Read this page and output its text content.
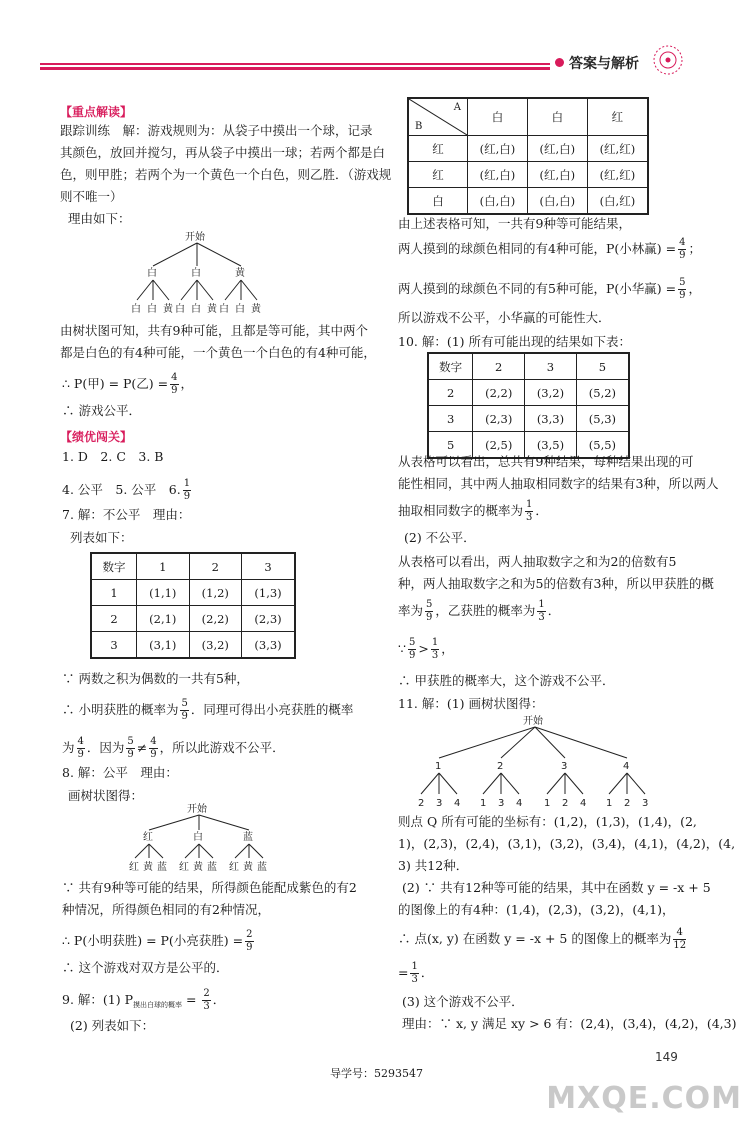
答案与解析
【重点解读】
跟踪训练　解：游戏规则为：从袋子中摸出一个球，记录
其颜色，放回并搅匀，再从袋子中摸出一球；若两个都是白
色，则甲胜；若两个为一个黄色一个白色，则乙胜．（游戏规
则不唯一）
理由如下：
开始
白	白	黄
白 白 黄 白 白 黄 白 白 黄
由树状图可知，共有9种可能，且都是等可能，其中两个
都是白色的有4种可能，一个黄色一个白色的有4种可能，
∴ P(甲) = P(乙) = $\frac{4}{9}$ ，
∴ 游戏公平．
【绩优闯关】
1. D　2. C　3. B
4. 公平　5. 公平　6. $\frac{1}{9}$
7. 解：不公平　理由：
列表如下：
数字	1	2	3
1	(1,1)	(1,2)	(1,3)
2	(2,1)	(2,2)	(2,3)
3	(3,1)	(3,2)	(3,3)
∵ 两数之积为偶数的一共有5种，
∴ 小明获胜的概率为 $\frac{5}{9}$ ．同理可得出小亮获胜的概率
为 $\frac{4}{9}$ ．因为 $\frac{5}{9} \ne \frac{4}{9}$ ，所以此游戏不公平．
8. 解：公平　理由：
画树状图得：
开始
红	白	蓝
红 黄 蓝 红 黄 蓝 红 黄 蓝
∵ 共有9种等可能的结果，所得颜色能配成紫色的有2
种情况，所得颜色相同的有2种情况，
∴ P(小明获胜) = P(小亮获胜) = $\frac{2}{9}$
∴ 这个游戏对双方是公平的．
9. 解：(1) $P_{摸出白球的概率} = \frac{2}{3}$ ．
(2) 列表如下：
A
B	白	白	红
红	(红,白)	(红,白)	(红,红)
红	(红,白)	(红,白)	(红,红)
白	(白,白)	(白,白)	(白,红)
由上述表格可知，一共有9种等可能结果，
两人摸到的球颜色相同的有4种可能，P(小林赢) = $\frac{4}{9}$ ；
两人摸到的球颜色不同的有5种可能，P(小华赢) = $\frac{5}{9}$ ，
所以游戏不公平，小华赢的可能性大．
10. 解：(1) 所有可能出现的结果如下表：
数字	2	3	5
2	(2,2)	(3,2)	(5,2)
3	(2,3)	(3,3)	(5,3)
5	(2,5)	(3,5)	(5,5)
从表格可以看出，总共有9种结果，每种结果出现的可
能性相同，其中两人抽取相同数字的结果有3种，所以两人
抽取相同数字的概率为 $\frac{1}{3}$ ．
(2) 不公平．
从表格可以看出，两人抽取数字之和为2的倍数有5
种，两人抽取数字之和为5的倍数有3种，所以甲获胜的概
率为 $\frac{5}{9}$ ，乙获胜的概率为 $\frac{1}{3}$ ．
∵ $\frac{5}{9} > \frac{1}{3}$ ，
∴ 甲获胜的概率大，这个游戏不公平．
11. 解：(1) 画树状图得：
开始
1	2	3	4
2 3 4 1 3 4 1 2 4 1 2 3
则点 Q 所有可能的坐标有：(1,2)，(1,3)，(1,4)，(2,
1)，(2,3)，(2,4)，(3,1)，(3,2)，(3,4)，(4,1)，(4,2)，(4,
3) 共12种．
(2) ∵ 共有12种等可能的结果，其中在函数 y = -x + 5
的图像上的有4种：(1,4)，(2,3)，(3,2)，(4,1)，
∴ 点(x, y) 在函数 y = -x + 5 的图像上的概率为 $\frac{4}{12}$
= $\frac{1}{3}$ ．
(3) 这个游戏不公平．
理由：∵ x, y 满足 xy > 6 有：(2,4)，(3,4)，(4,2)，(4,3)
导学号：5293547
149
MXQE.COM
